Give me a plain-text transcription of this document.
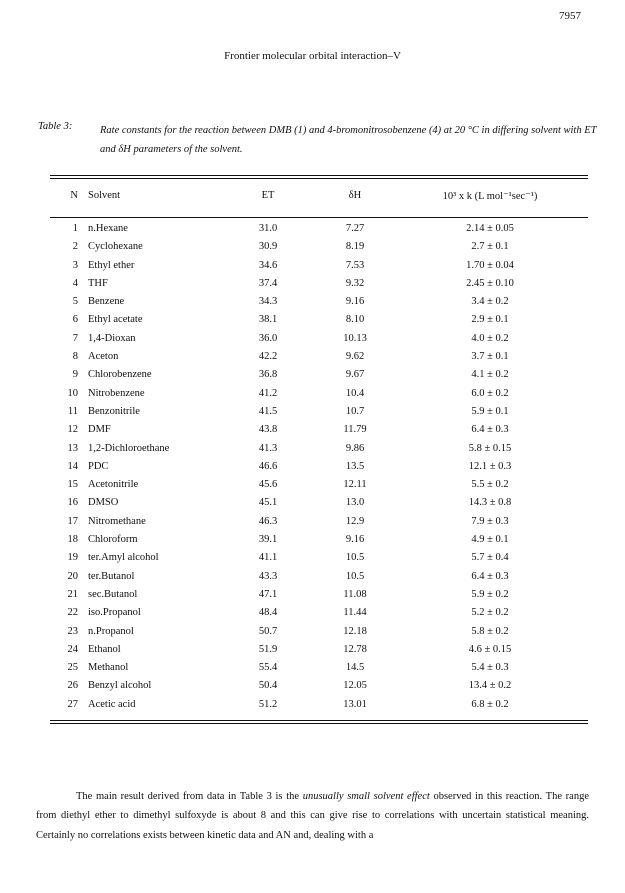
7957
Frontier molecular orbital interaction–V
Table 3:	Rate constants for the reaction between DMB (1) and 4-bromonitrosobenzene (4) at 20 °C in differing solvent with ET and δH parameters of the solvent.
N Solvent	ET	δH	10³ x k (L mol⁻¹sec⁻¹)
1 n.Hexane	31.0	7.27	2.14 ± 0.05
2 Cyclohexane	30.9	8.19	2.7 ± 0.1
3 Ethyl ether	34.6	7.53	1.70 ± 0.04
4 THF	37.4	9.32	2.45 ± 0.10
5 Benzene	34.3	9.16	3.4 ± 0.2
6 Ethyl acetate	38.1	8.10	2.9 ± 0.1
7 1,4-Dioxan	36.0	10.13	4.0 ± 0.2
8 Aceton	42.2	9.62	3.7 ± 0.1
9 Chlorobenzene	36.8	9.67	4.1 ± 0.2
10 Nitrobenzene	41.2	10.4	6.0 ± 0.2
11 Benzonitrile	41.5	10.7	5.9 ± 0.1
12 DMF	43.8	11.79	6.4 ± 0.3
13 1,2-Dichloroethane	41.3	9.86	5.8 ± 0.15
14 PDC	46.6	13.5	12.1 ± 0.3
15 Acetonitrile	45.6	12.11	5.5 ± 0.2
16 DMSO	45.1	13.0	14.3 ± 0.8
17 Nitromethane	46.3	12.9	7.9 ± 0.3
18 Chloroform	39.1	9.16	4.9 ± 0.1
19 ter.Amyl alcohol	41.1	10.5	5.7 ± 0.4
20 ter.Butanol	43.3	10.5	6.4 ± 0.3
21 sec.Butanol	47.1	11.08	5.9 ± 0.2
22 iso.Propanol	48.4	11.44	5.2 ± 0.2
23 n.Propanol	50.7	12.18	5.8 ± 0.2
24 Ethanol	51.9	12.78	4.6 ± 0.15
25 Methanol	55.4	14.5	5.4 ± 0.3
26 Benzyl alcohol	50.4	12.05	13.4 ± 0.2
27 Acetic acid	51.2	13.01	6.8 ± 0.2

The main result derived from data in Table 3 is the unusually small solvent effect observed in this reaction. The range from diethyl ether to dimethyl sulfoxyde is about 8 and this can give rise to correlations with uncertain statistical meaning. Certainly no correlations exists between kinetic data and AN and, dealing with a
